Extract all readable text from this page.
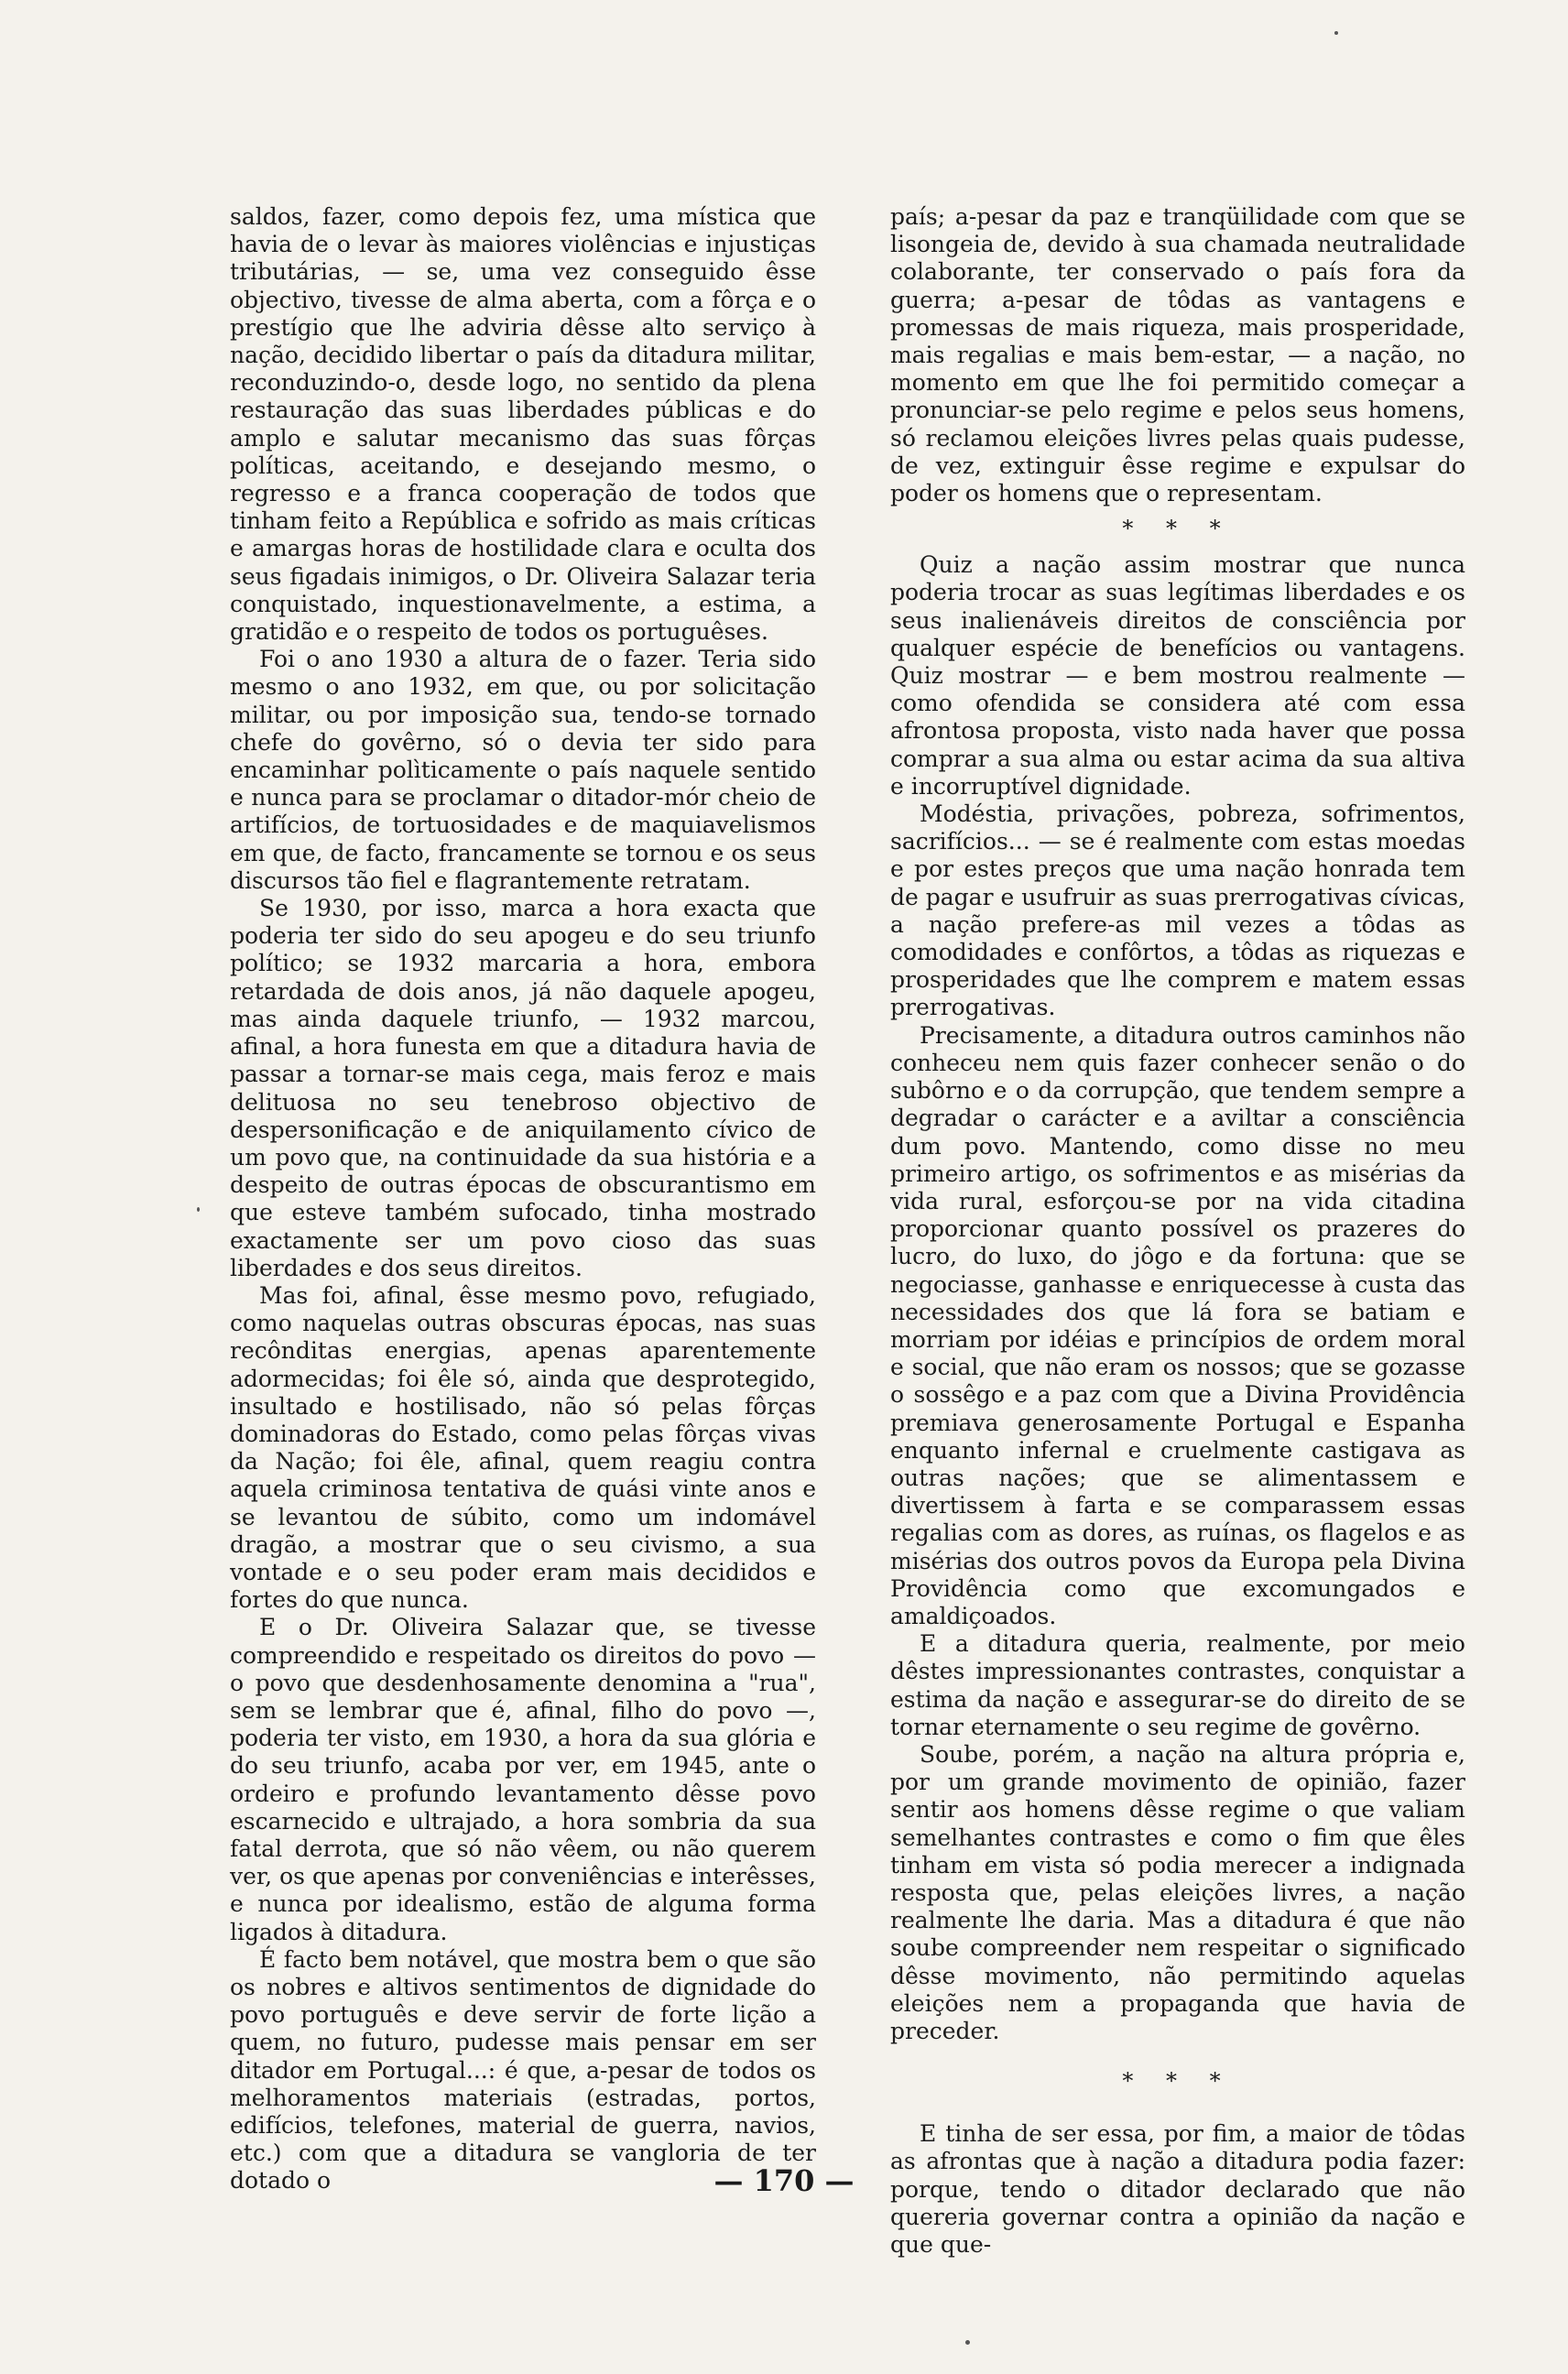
saldos, fazer, como depois fez, uma mística que havia de o levar às maiores violências e injustiças tributárias, — se, uma vez conseguido êsse objectivo, tivesse de alma aberta, com a fôrça e o prestígio que lhe adviria dêsse alto serviço à nação, decidido libertar o país da ditadura militar, reconduzindo-o, desde logo, no sentido da plena restauração das suas liberdades públicas e do amplo e salutar mecanismo das suas fôrças políticas, aceitando, e desejando mesmo, o regresso e a franca cooperação de todos que tinham feito a República e sofrido as mais críticas e amargas horas de hostilidade clara e oculta dos seus figadais inimigos, o Dr. Oliveira Salazar teria conquistado, inquestionavelmente, a estima, a gratidão e o respeito de todos os portuguêses.

Foi o ano 1930 a altura de o fazer. Teria sido mesmo o ano 1932, em que, ou por solicitação militar, ou por imposição sua, tendo-se tornado chefe do govêrno, só o devia ter sido para encaminhar polìticamente o país naquele sentido e nunca para se proclamar o ditador-mór cheio de artifícios, de tortuosidades e de maquiavelismos em que, de facto, francamente se tornou e os seus discursos tão fiel e flagrantemente retratam.

Se 1930, por isso, marca a hora exacta que poderia ter sido do seu apogeu e do seu triunfo político; se 1932 marcaria a hora, embora retardada de dois anos, já não daquele apogeu, mas ainda daquele triunfo, — 1932 marcou, afinal, a hora funesta em que a ditadura havia de passar a tornar-se mais cega, mais feroz e mais delituosa no seu tenebroso objectivo de despersonificação e de aniquilamento cívico de um povo que, na continuidade da sua história e a despeito de outras épocas de obscurantismo em que esteve também sufocado, tinha mostrado exactamente ser um povo cioso das suas liberdades e dos seus direitos.

Mas foi, afinal, êsse mesmo povo, refugiado, como naquelas outras obscuras épocas, nas suas recônditas energias, apenas aparentemente adormecidas; foi êle só, ainda que desprotegido, insultado e hostilisado, não só pelas fôrças dominadoras do Estado, como pelas fôrças vivas da Nação; foi êle, afinal, quem reagiu contra aquela criminosa tentativa de quási vinte anos e se levantou de súbito, como um indomável dragão, a mostrar que o seu civismo, a sua vontade e o seu poder eram mais decididos e fortes do que nunca.

E o Dr. Oliveira Salazar que, se tivesse compreendido e respeitado os direitos do povo — o povo que desdenhosamente denomina a "rua", sem se lembrar que é, afinal, filho do povo —, poderia ter visto, em 1930, a hora da sua glória e do seu triunfo, acaba por ver, em 1945, ante o ordeiro e profundo levantamento dêsse povo escarnecido e ultrajado, a hora sombria da sua fatal derrota, que só não vêem, ou não querem ver, os que apenas por conveniências e interêsses, e nunca por idealismo, estão de alguma forma ligados à ditadura.

É facto bem notável, que mostra bem o que são os nobres e altivos sentimentos de dignidade do povo português e deve servir de forte lição a quem, no futuro, pudesse mais pensar em ser ditador em Portugal...: é que, a-pesar de todos os melhoramentos materiais (estradas, portos, edifícios, telefones, material de guerra, navios, etc.) com que a ditadura se vangloria de ter dotado o

país; a-pesar da paz e tranqüilidade com que se lisongeia de, devido à sua chamada neutralidade colaborante, ter conservado o país fora da guerra; a-pesar de tôdas as vantagens e promessas de mais riqueza, mais prosperidade, mais regalias e mais bem-estar, — a nação, no momento em que lhe foi permitido começar a pronunciar-se pelo regime e pelos seus homens, só reclamou eleições livres pelas quais pudesse, de vez, extinguir êsse regime e expulsar do poder os homens que o representam.

* * *

Quiz a nação assim mostrar que nunca poderia trocar as suas legítimas liberdades e os seus inalienáveis direitos de consciência por qualquer espécie de benefícios ou vantagens. Quiz mostrar — e bem mostrou realmente — como ofendida se considera até com essa afrontosa proposta, visto nada haver que possa comprar a sua alma ou estar acima da sua altiva e incorruptível dignidade.

Modéstia, privações, pobreza, sofrimentos, sacrifícios... — se é realmente com estas moedas e por estes preços que uma nação honrada tem de pagar e usufruir as suas prerrogativas cívicas, a nação prefere-as mil vezes a tôdas as comodidades e confôrtos, a tôdas as riquezas e prosperidades que lhe comprem e matem essas prerrogativas.

Precisamente, a ditadura outros caminhos não conheceu nem quis fazer conhecer senão o do subôrno e o da corrupção, que tendem sempre a degradar o carácter e a aviltar a consciência dum povo. Mantendo, como disse no meu primeiro artigo, os sofrimentos e as misérias da vida rural, esforçou-se por na vida citadina proporcionar quanto possível os prazeres do lucro, do luxo, do jôgo e da fortuna: que se negociasse, ganhasse e enriquecesse à custa das necessidades dos que lá fora se batiam e morriam por idéias e princípios de ordem moral e social, que não eram os nossos; que se gozasse o sossêgo e a paz com que a Divina Providência premiava generosamente Portugal e Espanha enquanto infernal e cruelmente castigava as outras nações; que se alimentassem e divertissem à farta e se comparassem essas regalias com as dores, as ruínas, os flagelos e as misérias dos outros povos da Europa pela Divina Providência como que excomungados e amaldiçoados.

E a ditadura queria, realmente, por meio dêstes impressionantes contrastes, conquistar a estima da nação e assegurar-se do direito de se tornar eternamente o seu regime de govêrno.

Soube, porém, a nação na altura própria e, por um grande movimento de opinião, fazer sentir aos homens dêsse regime o que valiam semelhantes contrastes e como o fim que êles tinham em vista só podia merecer a indignada resposta que, pelas eleições livres, a nação realmente lhe daria. Mas a ditadura é que não soube compreender nem respeitar o significado dêsse movimento, não permitindo aquelas eleições nem a propaganda que havia de preceder.

* * *

E tinha de ser essa, por fim, a maior de tôdas as afrontas que à nação a ditadura podia fazer: porque, tendo o ditador declarado que não quereria governar contra a opinião da nação e que que-

— 170 —
